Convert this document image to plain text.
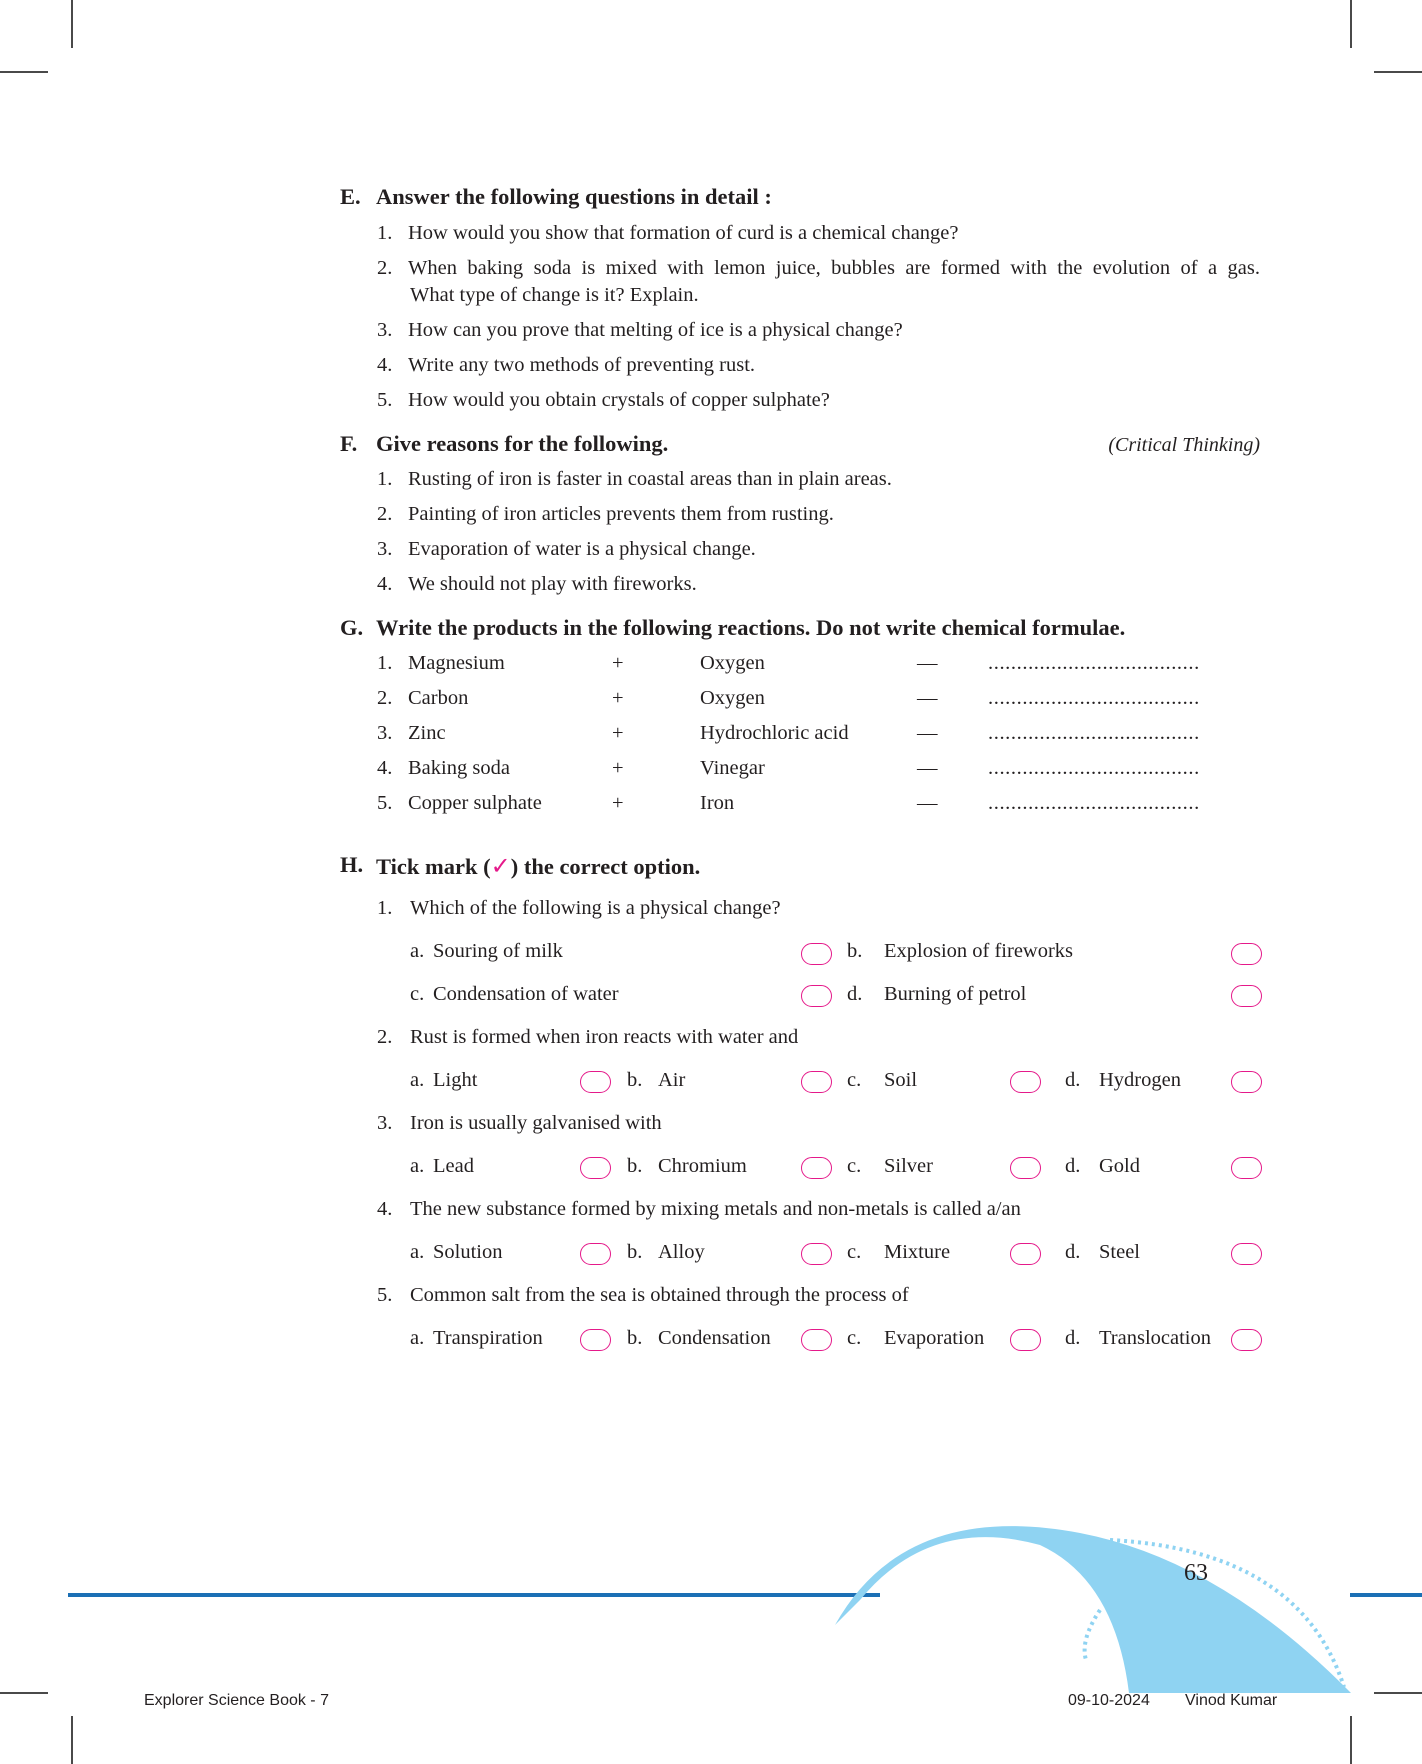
E. Answer the following questions in detail :
1. How would you show that formation of curd is a chemical change?
2. When baking soda is mixed with lemon juice, bubbles are formed with the evolution of a gas.
What type of change is it? Explain.
3. How can you prove that melting of ice is a physical change?
4. Write any two methods of preventing rust.
5. How would you obtain crystals of copper sulphate?
F. Give reasons for the following.	(Critical Thinking)
1. Rusting of iron is faster in coastal areas than in plain areas.
2. Painting of iron articles prevents them from rusting.
3. Evaporation of water is a physical change.
4. We should not play with fireworks.
G. Write the products in the following reactions. Do not write chemical formulae.
1. Magnesium	+	Oxygen	— .....................................
2. Carbon	+	Oxygen	— .....................................
3. Zinc	+	Hydrochloric acid	— .....................................
4. Baking soda	+	Vinegar	— .....................................
5. Copper sulphate	+	Iron	— .....................................
H. Tick mark (✓) the correct option.
1. Which of the following is a physical change?
a. Souring of milk	b. Explosion of fireworks
c. Condensation of water	d. Burning of petrol
2. Rust is formed when iron reacts with water and
a. Light	b. Air	c. Soil	d. Hydrogen
3. Iron is usually galvanised with
a. Lead	b. Chromium	c. Silver	d. Gold
4. The new substance formed by mixing metals and non-metals is called a/an
a. Solution	b. Alloy	c. Mixture	d. Steel
5. Common salt from the sea is obtained through the process of
a. Transpiration	b. Condensation	c. Evaporation	d. Translocation
63
Explorer Science Book - 7	09-10-2024 Vinod Kumar
